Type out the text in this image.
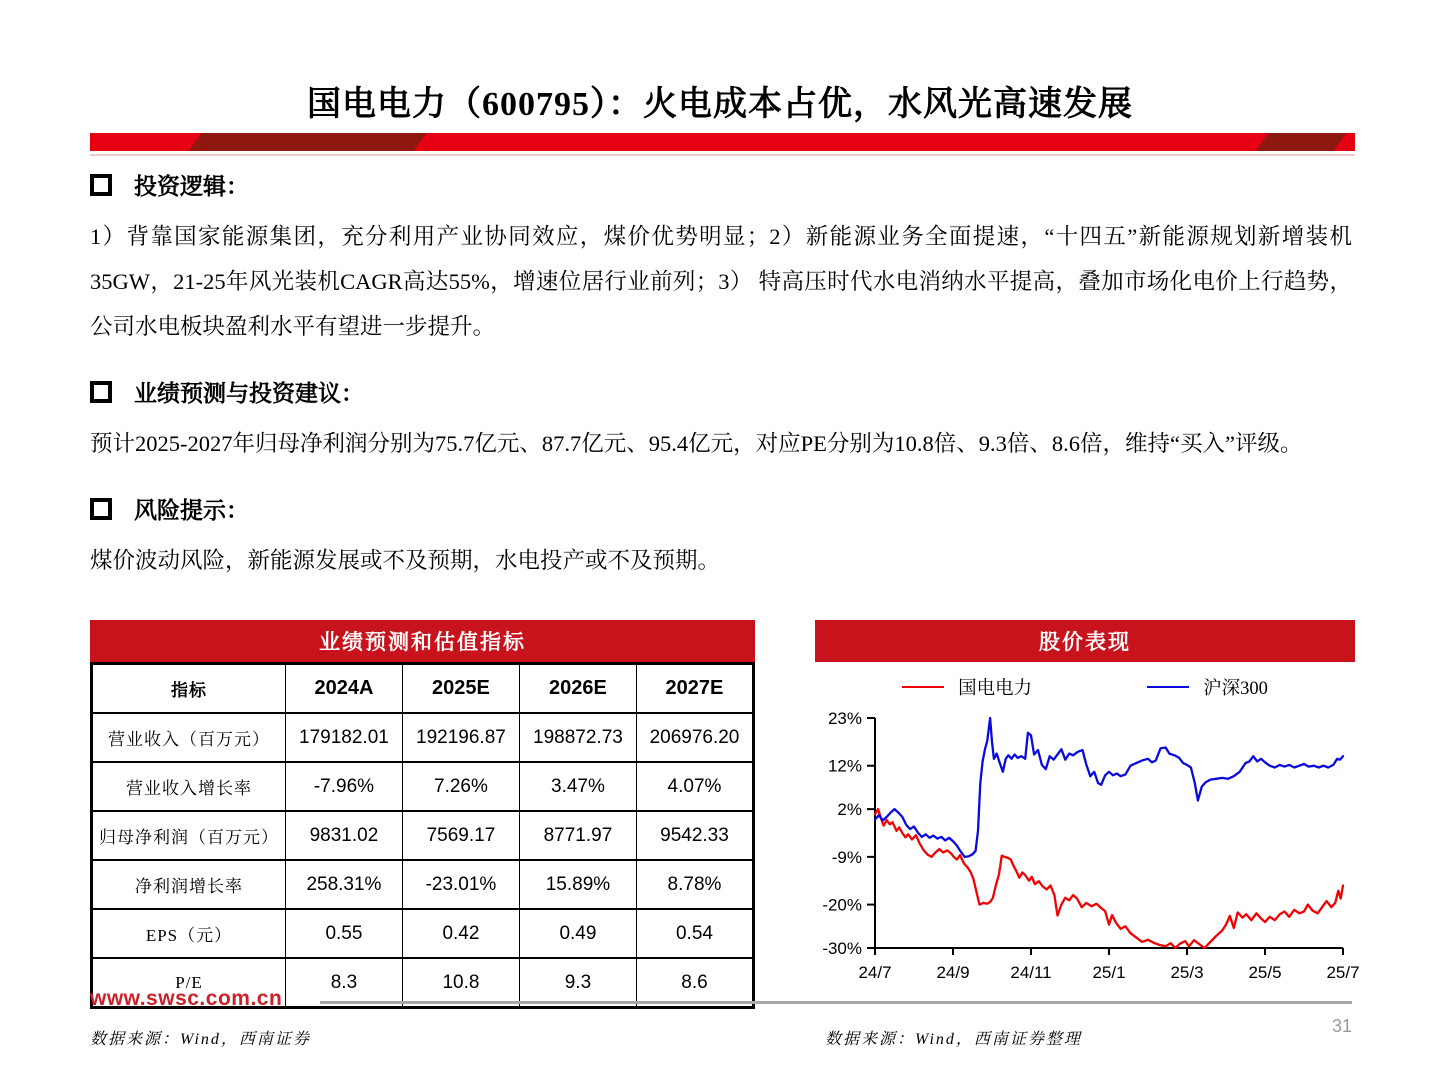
国电电力（600795）：火电成本占优，水风光高速发展
投资逻辑：

1）背靠国家能源集团，充分利用产业协同效应，煤价优势明显；2）新能源业务全面提速，“十四五”新能源规划新增装机35GW，21-25年风光装机CAGR高达55%，增速位居行业前列；3） 特高压时代水电消纳水平提高，叠加市场化电价上行趋势，公司水电板块盈利水平有望进一步提升。

业绩预测与投资建议：

预计2025-2027年归母净利润分别为75.7亿元、87.7亿元、95.4亿元，对应PE分别为10.8倍、9.3倍、8.6倍，维持“买入”评级。

风险提示：

煤价波动风险，新能源发展或不及预期，水电投产或不及预期。

业绩预测和估值指标
指标	2024A	2025E	2026E	2027E
营业收入（百万元）	179182.01	192196.87	198872.73	206976.20
营业收入增长率	-7.96%	7.26%	3.47%	4.07%
归母净利润（百万元）	9831.02	7569.17	8771.97	9542.33
净利润增长率	258.31%	-23.01%	15.89%	8.78%
EPS（元）	0.55	0.42	0.49	0.54
P/E	8.3	10.8	9.3	8.6
股价表现
国电电力	沪深300
23%
12%
2%
-9%
-20%
-30%
24/7	24/9 24/11 25/1	25/3	25/5	25/7
www.swsc.com.cn
数据来源：Wind，西南证券	数据来源：Wind，西南证券整理
31
